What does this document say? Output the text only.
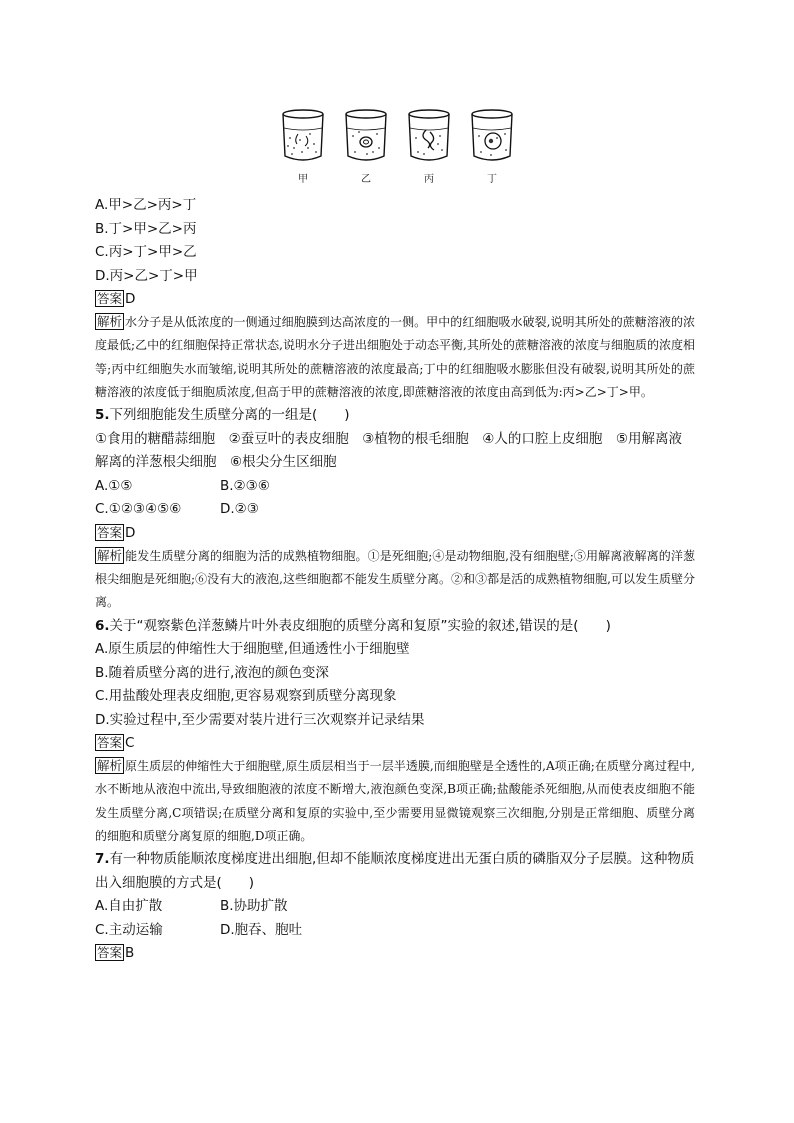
甲	乙	丙	丁

A.甲>乙>丙>丁

B.丁>甲>乙>丙

C.丙>丁>甲>乙

D.丙>乙>丁>甲

答案 D

解析 水分子是从低浓度的一侧通过细胞膜到达高浓度的一侧。甲中的红细胞吸水破裂,说明其所处的蔗糖溶液的浓度最低;乙中的红细胞保持正常状态,说明水分子进出细胞处于动态平衡,其所处的蔗糖溶液的浓度与细胞质的浓度相等;丙中红细胞失水而皱缩,说明其所处的蔗糖溶液的浓度最高;丁中的红细胞吸水膨胀但没有破裂,说明其所处的蔗糖溶液的浓度低于细胞质浓度,但高于甲的蔗糖溶液的浓度,即蔗糖溶液的浓度由高到低为:丙>乙>丁>甲。

5.下列细胞能发生质壁分离的一组是(　　)

①食用的糖醋蒜细胞　②蚕豆叶的表皮细胞　③植物的根毛细胞　④人的口腔上皮细胞　⑤用解离液解离的洋葱根尖细胞　⑥根尖分生区细胞

A.①⑤	B.②③⑥
C.①②③④⑤⑥	D.②③

答案 D

解析 能发生质壁分离的细胞为活的成熟植物细胞。①是死细胞;④是动物细胞,没有细胞壁;⑤用解离液解离的洋葱根尖细胞是死细胞;⑥没有大的液泡,这些细胞都不能发生质壁分离。②和③都是活的成熟植物细胞,可以发生质壁分离。

6.关于“观察紫色洋葱鳞片叶外表皮细胞的质壁分离和复原”实验的叙述,错误的是(　　)

A.原生质层的伸缩性大于细胞壁,但通透性小于细胞壁

B.随着质壁分离的进行,液泡的颜色变深

C.用盐酸处理表皮细胞,更容易观察到质壁分离现象

D.实验过程中,至少需要对装片进行三次观察并记录结果

答案 C

解析 原生质层的伸缩性大于细胞壁,原生质层相当于一层半透膜,而细胞壁是全透性的,A项正确;在质壁分离过程中,水不断地从液泡中流出,导致细胞液的浓度不断增大,液泡颜色变深,B项正确;盐酸能杀死细胞,从而使表皮细胞不能发生质壁分离,C项错误;在质壁分离和复原的实验中,至少需要用显微镜观察三次细胞,分别是正常细胞、质壁分离的细胞和质壁分离复原的细胞,D项正确。

7.有一种物质能顺浓度梯度进出细胞,但却不能顺浓度梯度进出无蛋白质的磷脂双分子层膜。这种物质出入细胞膜的方式是(　　)

A.自由扩散	B.协助扩散
C.主动运输	D.胞吞、胞吐

答案 B
